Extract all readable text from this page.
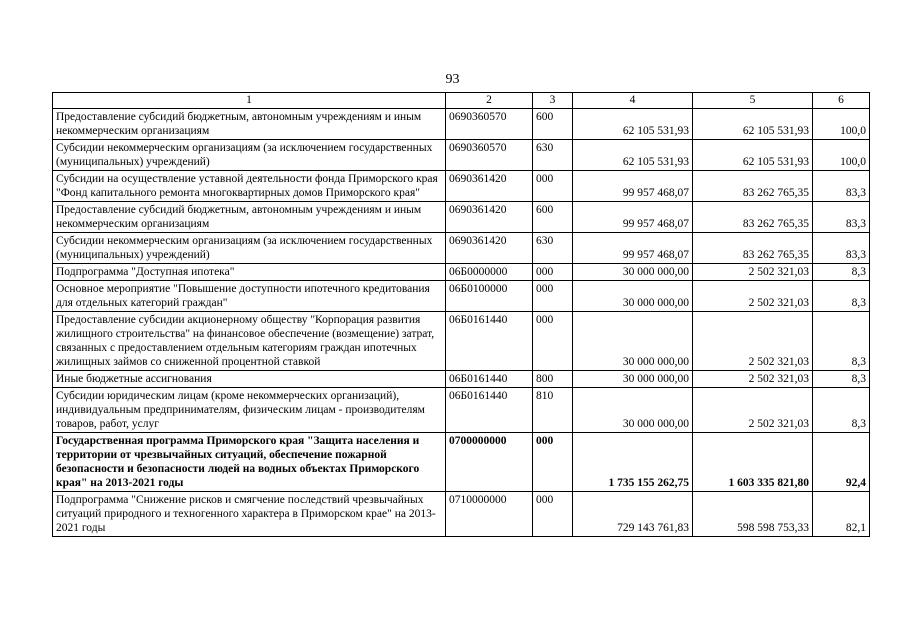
93
1	2	3	4	5	6
Предоставление субсидий бюджетным, автономным учреждениям и иным некоммерческим организациям	0690360570	600	62 105 531,93	62 105 531,93	100,0
Субсидии некоммерческим организациям (за исключением государственных (муниципальных) учреждений)	0690360570	630	62 105 531,93	62 105 531,93	100,0
Субсидии на осуществление уставной деятельности фонда Приморского края "Фонд капитального ремонта многоквартирных домов Приморского края"	0690361420	000	99 957 468,07	83 262 765,35	83,3
Предоставление субсидий бюджетным, автономным учреждениям и иным некоммерческим организациям	0690361420	600	99 957 468,07	83 262 765,35	83,3
Субсидии некоммерческим организациям (за исключением государственных (муниципальных) учреждений)	0690361420	630	99 957 468,07	83 262 765,35	83,3
Подпрограмма "Доступная ипотека"	06Б0000000	000	30 000 000,00	2 502 321,03	8,3
Основное мероприятие "Повышение доступности ипотечного кредитования для отдельных категорий граждан"	06Б0100000	000	30 000 000,00	2 502 321,03	8,3
Предоставление субсидии акционерному обществу "Корпорация развития жилищного строительства" на финансовое обеспечение (возмещение) затрат, связанных с предоставлением отдельным категориям граждан ипотечных жилищных займов со сниженной процентной ставкой	06Б0161440	000	30 000 000,00	2 502 321,03	8,3
Иные бюджетные ассигнования	06Б0161440	800	30 000 000,00	2 502 321,03	8,3
Субсидии юридическим лицам (кроме некоммерческих организаций), индивидуальным предпринимателям, физическим лицам - производителям товаров, работ, услуг	06Б0161440	810	30 000 000,00	2 502 321,03	8,3
Государственная программа Приморского края "Защита населения и территории от чрезвычайных ситуаций, обеспечение пожарной безопасности и безопасности людей на водных объектах Приморского края" на 2013-2021 годы	0700000000	000	1 735 155 262,75	1 603 335 821,80	92,4
Подпрограмма "Снижение рисков и смягчение последствий чрезвычайных ситуаций природного и техногенного характера в Приморском крае" на 2013-2021 годы	0710000000	000	729 143 761,83	598 598 753,33	82,1
